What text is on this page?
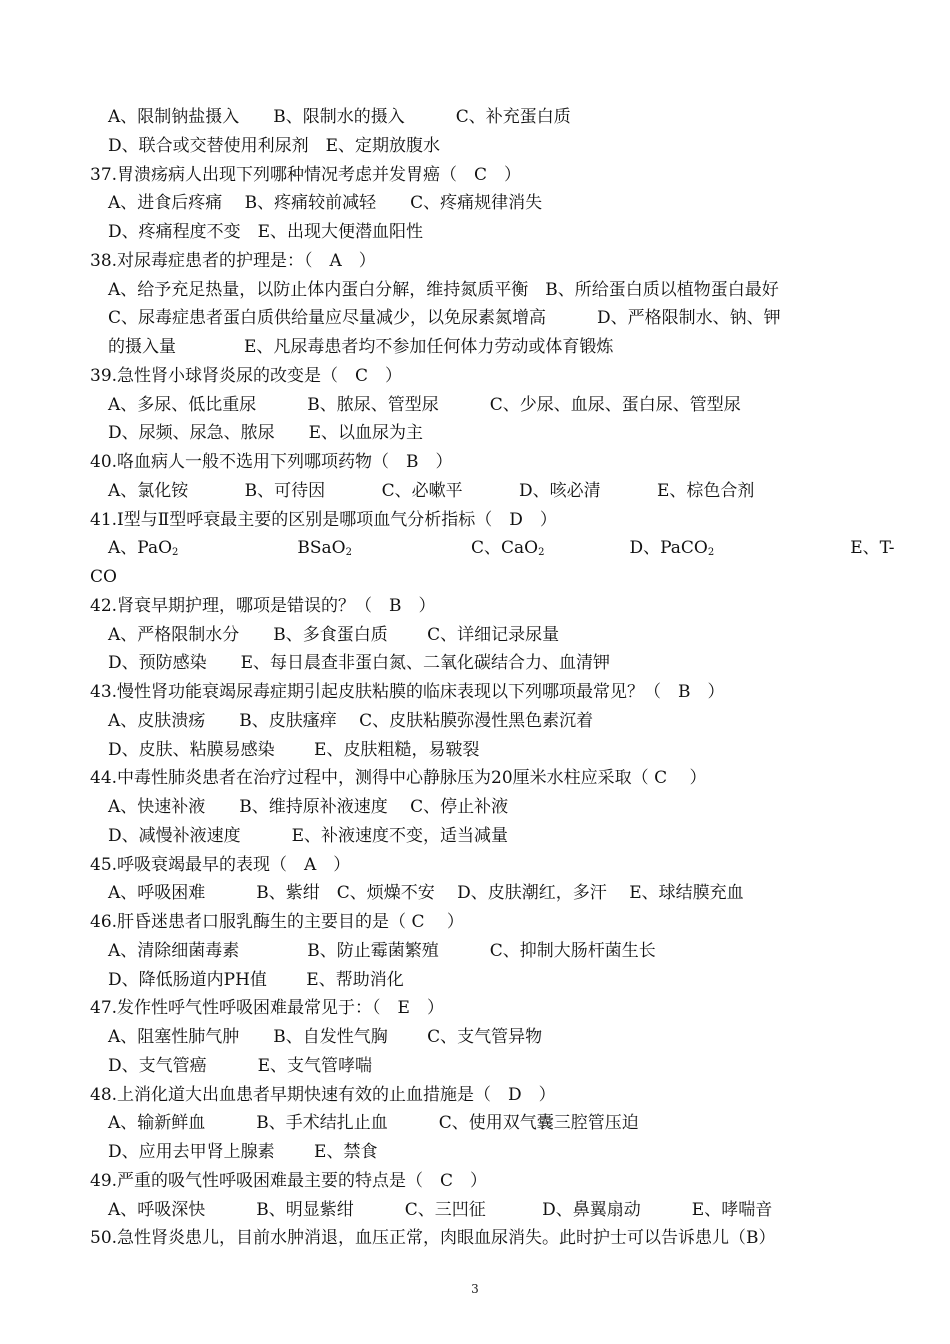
A、限制钠盐摄入　　B、限制水的摄入　　　C、补充蛋白质
D、联合或交替使用利尿剂　E、定期放腹水
37.胃溃疡病人出现下列哪种情况考虑并发胃癌（　C　）
A、进食后疼痛　 B、疼痛较前减轻　　C、疼痛规律消失
D、疼痛程度不变　E、出现大便潜血阳性
38.对尿毒症患者的护理是：（　A　）
A、给予充足热量，以防止体内蛋白分解，维持氮质平衡　B、所给蛋白质以植物蛋白最好
C、尿毒症患者蛋白质供给量应尽量减少，以免尿素氮增高　　　D、严格限制水、钠、钾
的摄入量　　　　E、凡尿毒患者均不参加任何体力劳动或体育锻炼
39.急性肾小球肾炎尿的改变是（　C　）
A、多尿、低比重尿　　　B、脓尿、管型尿　　　C、少尿、血尿、蛋白尿、管型尿
D、尿频、尿急、脓尿　　E、以血尿为主
40.咯血病人一般不选用下列哪项药物（　B　）
A、氯化铵　　　 B、可待因　　　 C、必嗽平　　　 D、咳必清　　　 E、棕色合剂
41.Ⅰ型与Ⅱ型呼衰最主要的区别是哪项血气分析指标（　D　）
A、PaO$_2$　　　　　　　BSaO$_2$　　　　　　　C、CaO$_2$　　　　　D、PaCO$_2$　　　　　　　　E、T-
CO
42.肾衰早期护理，哪项是错误的？（　B　）
A、严格限制水分　　B、多食蛋白质　　 C、详细记录尿量
D、预防感染　　E、每日晨查非蛋白氮、二氧化碳结合力、血清钾
43.慢性肾功能衰竭尿毒症期引起皮肤粘膜的临床表现以下列哪项最常见？（　B　）
A、皮肤溃疡　　B、皮肤瘙痒　 C、皮肤粘膜弥漫性黑色素沉着
D、皮肤、粘膜易感染　　 E、皮肤粗糙，易皲裂
44.中毒性肺炎患者在治疗过程中，测得中心静脉压为20厘米水柱应采取（ C　 ）
A、快速补液　　B、维持原补液速度　 C、停止补液
D、减慢补液速度　　　E、补液速度不变，适当减量
45.呼吸衰竭最早的表现（　A　）
A、呼吸困难　　　B、紫绀　C、烦燥不安　 D、皮肤潮红，多汗　 E、球结膜充血
46.肝昏迷患者口服乳酶生的主要目的是（ C　 ）
A、清除细菌毒素　　　　B、防止霉菌繁殖　　　C、抑制大肠杆菌生长
D、降低肠道内PH值　　 E、帮助消化
47.发作性呼气性呼吸困难最常见于：（　E　）
A、阻塞性肺气肿　　B、自发性气胸　　 C、支气管异物
D、支气管癌　　　E、支气管哮喘
48.上消化道大出血患者早期快速有效的止血措施是（　D　）
A、输新鲜血　　　B、手术结扎止血　　　C、使用双气囊三腔管压迫
D、应用去甲肾上腺素　　 E、禁食
49.严重的吸气性呼吸困难最主要的特点是（　C　）
A、呼吸深快　　　B、明显紫绀　　　C、三凹征　　　 D、鼻翼扇动　　　E、哮喘音
50.急性肾炎患儿，目前水肿消退，血压正常，肉眼血尿消失。此时护士可以告诉患儿（B）
3
